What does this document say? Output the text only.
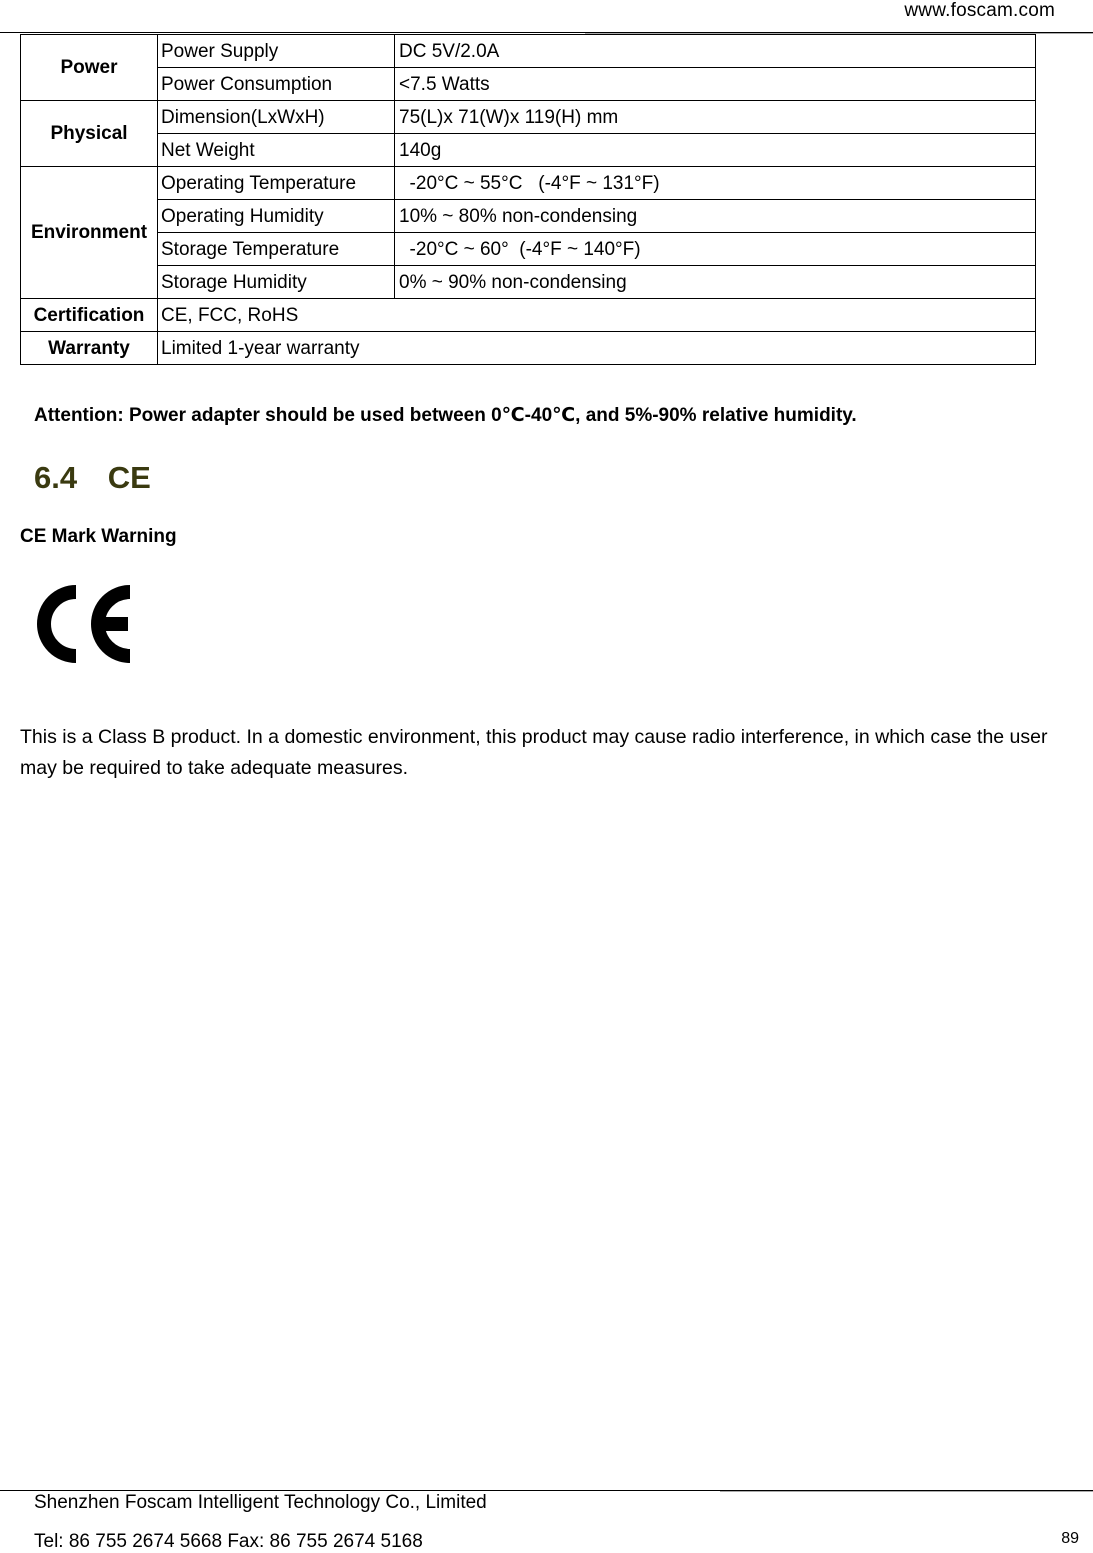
www.foscam.com
Power	Power Supply	DC 5V/2.0A
	Power Consumption	<7.5 Watts
Physical	Dimension(LxWxH)	75(L)x 71(W)x 119(H) mm
	Net Weight	140g
Environment	Operating Temperature	-20°C ~ 55°C   (-4°F ~ 131°F)
	Operating Humidity	10% ~ 80% non-condensing
	Storage Temperature	-20°C ~ 60°  (-4°F ~ 140°F)
	Storage Humidity	0% ~ 90% non-condensing
Certification	CE, FCC, RoHS	
Warranty	Limited 1-year warranty	
Attention: Power adapter should be used between 0℃-40℃, and 5%-90% relative humidity.
6.4 CE
CE Mark Warning
This is a Class B product. In a domestic environment, this product may cause radio interference, in which case the user may be required to take adequate measures.
Shenzhen Foscam Intelligent Technology Co., Limited
Tel: 86 755 2674 5668 Fax: 86 755 2674 5168	89
